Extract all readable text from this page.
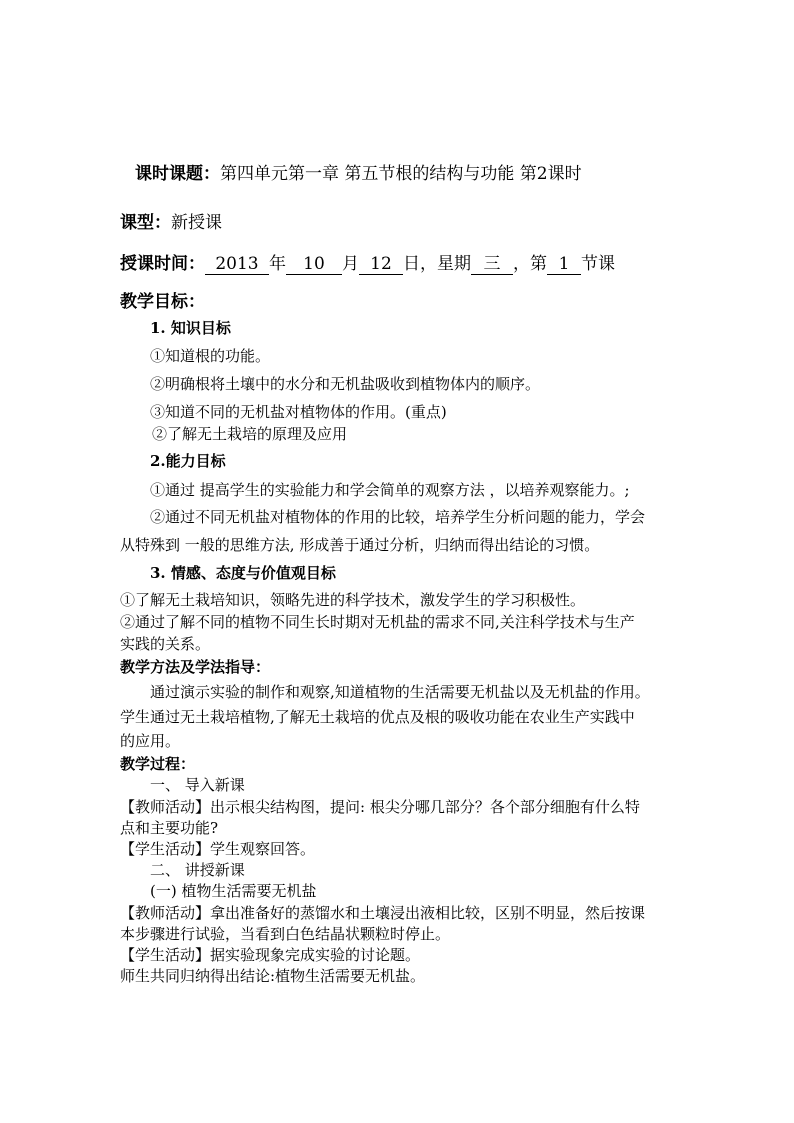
课时课题：第四单元第一章 第五节根的结构与功能 第2课时
课型：新授课
授课时间： 2013 年 10 月 12 日，星期 三 ，第 1 节课
教学目标：
1. 知识目标
①知道根的功能。
②明确根将土壤中的水分和无机盐吸收到植物体内的顺序。
③知道不同的无机盐对植物体的作用。(重点)
②了解无土栽培的原理及应用
2.能力目标
①通过 提高学生的实验能力和学会简单的观察方法 ，以培养观察能力。;
②通过不同无机盐对植物体的作用的比较，培养学生分析问题的能力，学会
从特殊到 一般的思维方法, 形成善于通过分析，归纳而得出结论的习惯。
3. 情感、态度与价值观目标
①了解无土栽培知识，领略先进的科学技术，激发学生的学习积极性。
②通过了解不同的植物不同生长时期对无机盐的需求不同,关注科学技术与生产
实践的关系。
教学方法及学法指导：
通过演示实验的制作和观察,知道植物的生活需要无机盐以及无机盐的作用。
学生通过无土栽培植物,了解无土栽培的优点及根的吸收功能在农业生产实践中
的应用。
教学过程：
一、 导入新课
【教师活动】出示根尖结构图，提问: 根尖分哪几部分？各个部分细胞有什么特
点和主要功能?
【学生活动】学生观察回答。
二、 讲授新课
(一) 植物生活需要无机盐
【教师活动】拿出准备好的蒸馏水和土壤浸出液相比较，区别不明显，然后按课
本步骤进行试验，当看到白色结晶状颗粒时停止。
【学生活动】据实验现象完成实验的讨论题。
师生共同归纳得出结论:植物生活需要无机盐。
